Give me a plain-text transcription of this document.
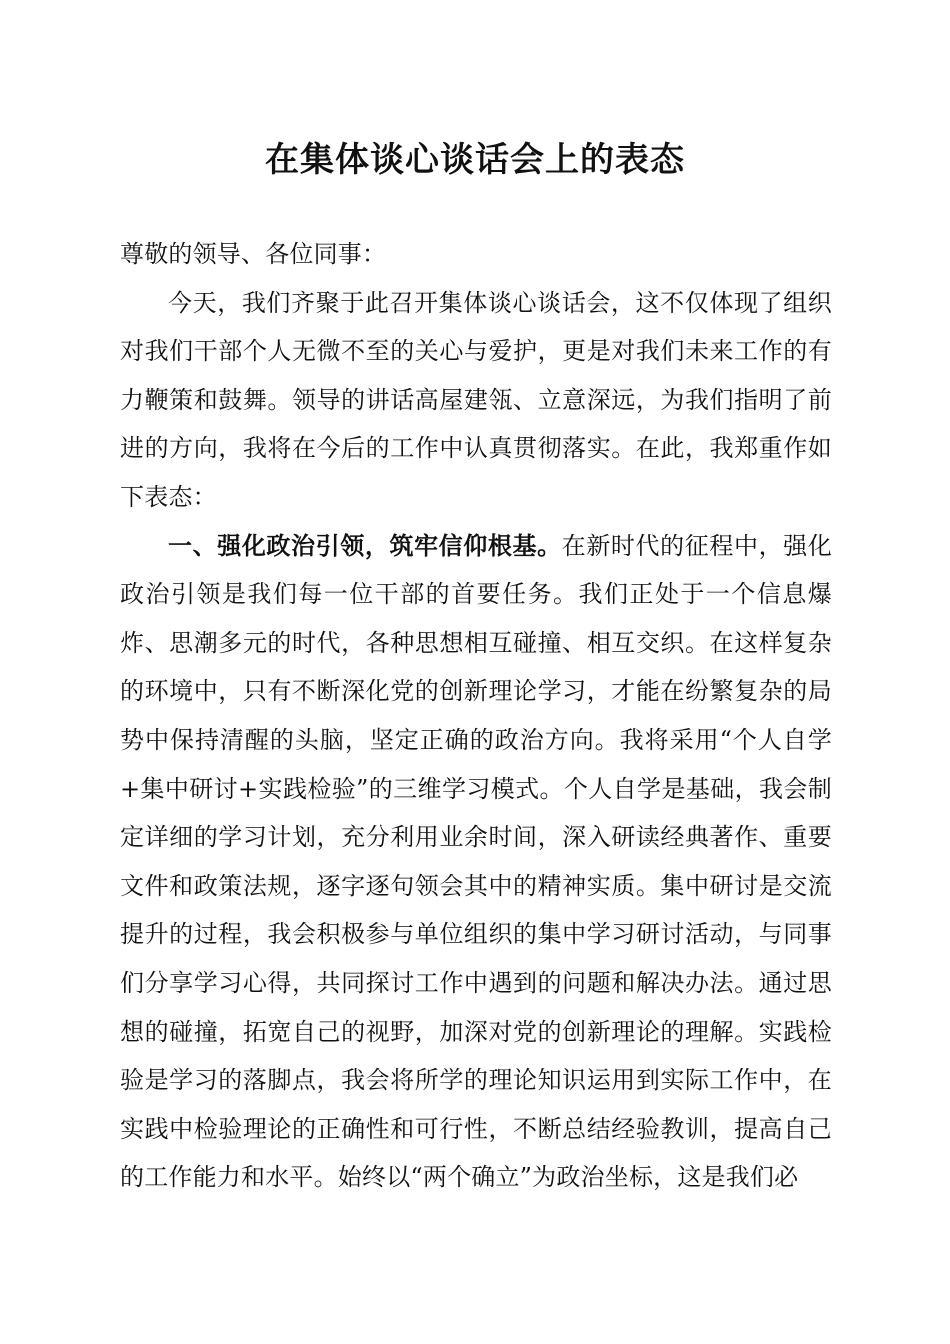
在集体谈心谈话会上的表态

尊敬的领导、各位同事：

今天，我们齐聚于此召开集体谈心谈话会，这不仅体现了组织对我们干部个人无微不至的关心与爱护，更是对我们未来工作的有力鞭策和鼓舞。领导的讲话高屋建瓴、立意深远，为我们指明了前进的方向，我将在今后的工作中认真贯彻落实。在此，我郑重作如下表态：

一、强化政治引领，筑牢信仰根基。在新时代的征程中，强化政治引领是我们每一位干部的首要任务。我们正处于一个信息爆炸、思潮多元的时代，各种思想相互碰撞、相互交织。在这样复杂的环境中，只有不断深化党的创新理论学习，才能在纷繁复杂的局势中保持清醒的头脑，坚定正确的政治方向。我将采用“个人自学+集中研讨+实践检验”的三维学习模式。个人自学是基础，我会制定详细的学习计划，充分利用业余时间，深入研读经典著作、重要文件和政策法规，逐字逐句领会其中的精神实质。集中研讨是交流提升的过程，我会积极参与单位组织的集中学习研讨活动，与同事们分享学习心得，共同探讨工作中遇到的问题和解决办法。通过思想的碰撞，拓宽自己的视野，加深对党的创新理论的理解。实践检验是学习的落脚点，我会将所学的理论知识运用到实际工作中，在实践中检验理论的正确性和可行性，不断总结经验教训，提高自己的工作能力和水平。始终以“两个确立”为政治坐标，这是我们必
